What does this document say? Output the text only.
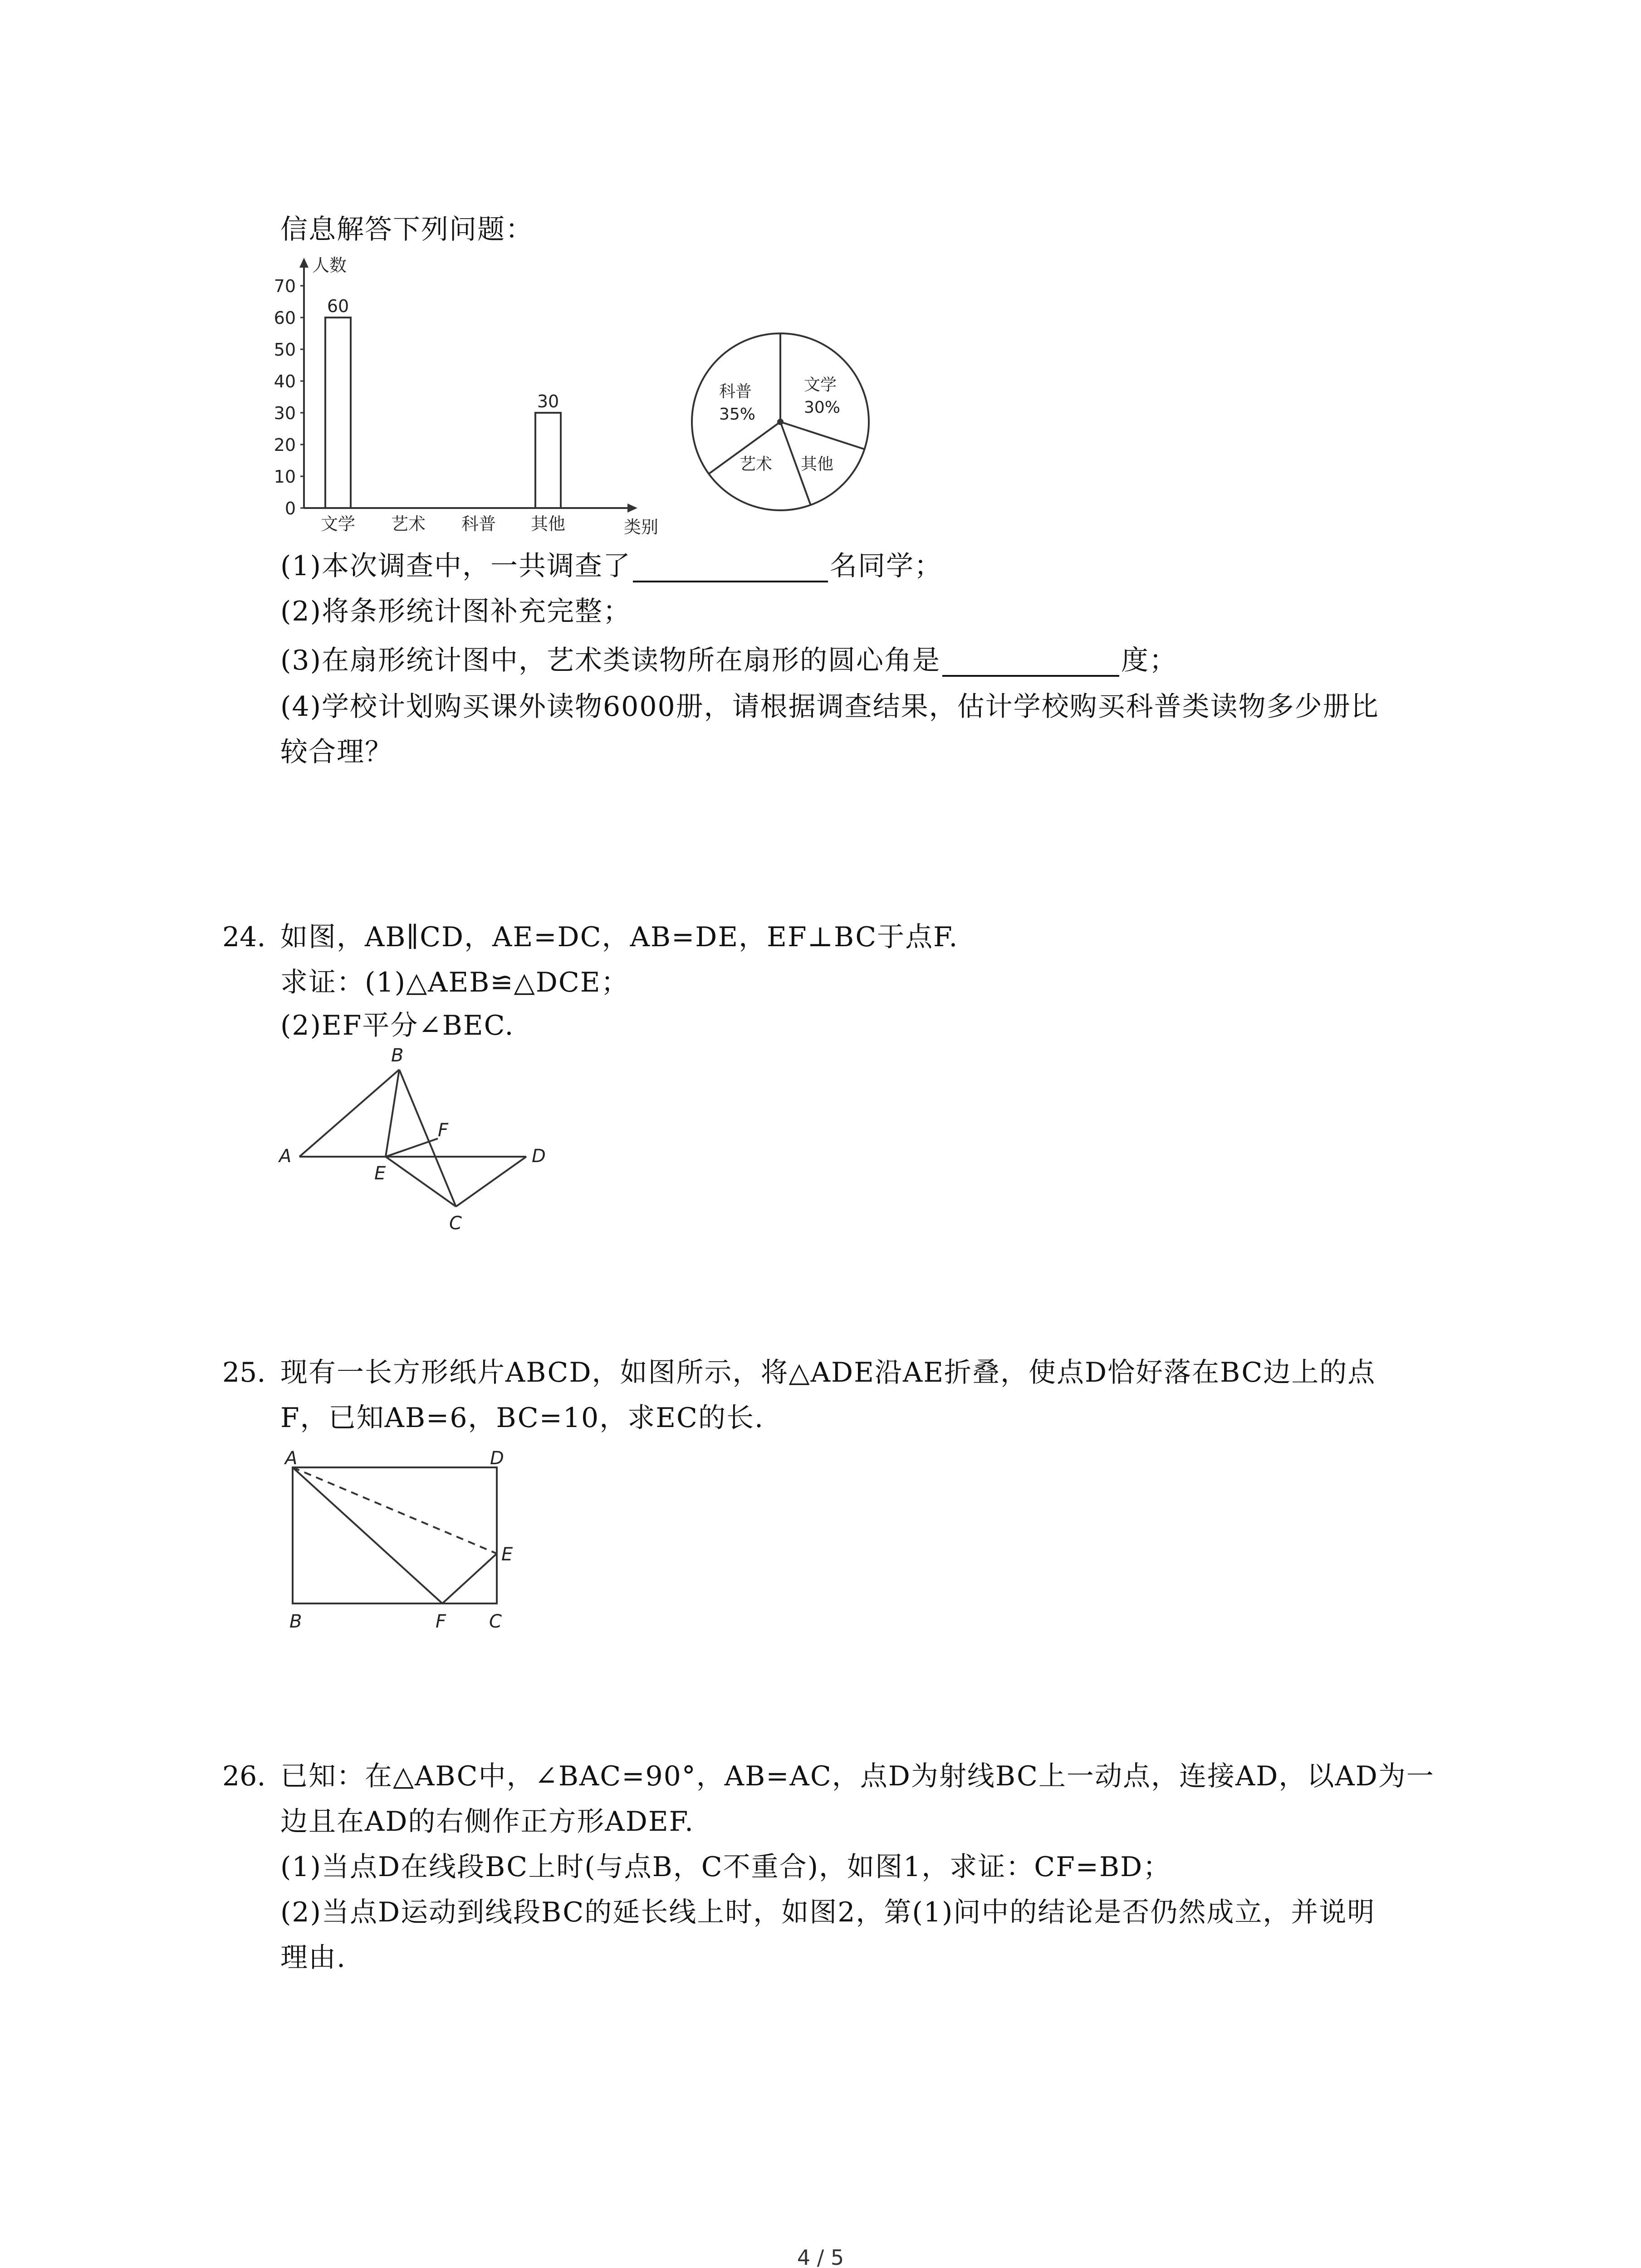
信息解答下列问题：
人数
类别
0
10
20
30
40
50
60
70
文学 艺术 科普 其他
60
30	科普
35%
文学
30%
艺术 其他
(1)本次调查中，一共调查了	名同学；
(2)将条形统计图补充完整；
(3)在扇形统计图中，艺术类读物所在扇形的圆心角是	度；
(4)学校计划购买课外读物6000册，请根据调查结果，估计学校购买科普类读物多少册比
较合理？
24. 如图，AB∥CD，AE=DC，AB=DE，EF⊥BC于点F.
求证：(1)△AEB≌△DCE；
(2)EF平分∠BEC.
A
B
F
E
D
C
25. 现有一长方形纸片ABCD，如图所示，将△ADE沿AE折叠，使点D恰好落在BC边上的点
F，已知AB=6，BC=10，求EC的长.
A	D
E
B	F C
26. 已知：在△ABC中，∠BAC=90°，AB=AC，点D为射线BC上一动点，连接AD，以AD为一
边且在AD的右侧作正方形ADEF.
(1)当点D在线段BC上时(与点B，C不重合)，如图1，求证：CF=BD；
(2)当点D运动到线段BC的延长线上时，如图2，第(1)问中的结论是否仍然成立，并说明
理由.
4 / 5
